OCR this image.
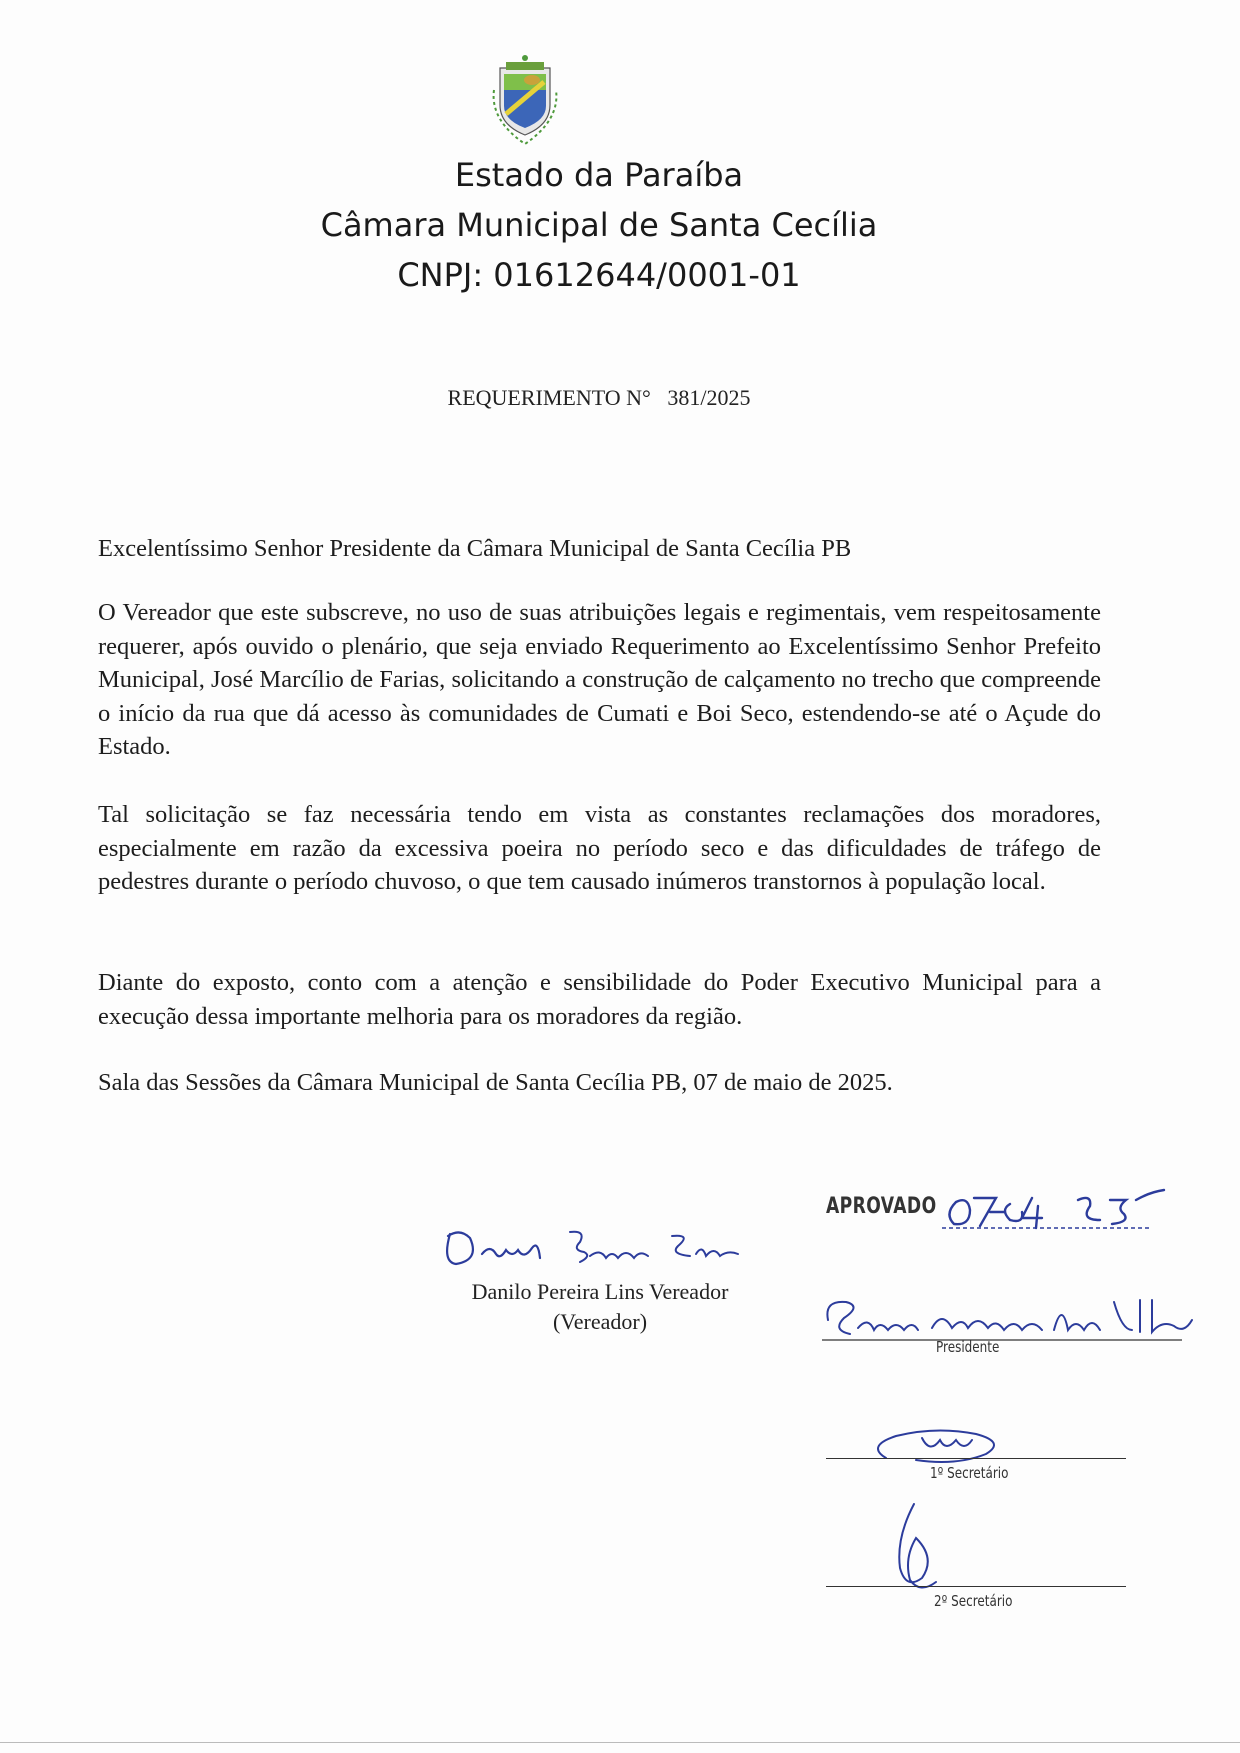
Estado da Paraíba
Câmara Municipal de Santa Cecília
CNPJ: 01612644/0001-01
REQUERIMENTO N°   381/2025

Excelentíssimo Senhor Presidente da Câmara Municipal de Santa Cecília PB

O Vereador que este subscreve, no uso de suas atribuições legais e regimentais, vem respeitosamente requerer, após ouvido o plenário, que seja enviado Requerimento ao Excelentíssimo Senhor Prefeito Municipal, José Marcílio de Farias, solicitando a construção de calçamento no trecho que compreende o início da rua que dá acesso às comunidades de Cumati e Boi Seco, estendendo-se até o Açude do Estado.

Tal solicitação se faz necessária tendo em vista as constantes reclamações dos moradores, especialmente em razão da excessiva poeira no período seco e das dificuldades de tráfego de pedestres durante o período chuvoso, o que tem causado inúmeros transtornos à população local.

Diante do exposto, conto com a atenção e sensibilidade do Poder Executivo Municipal para a execução dessa importante melhoria para os moradores da região.

Sala das Sessões da Câmara Municipal de Santa Cecília PB, 07 de maio de 2025.

Danilo Pereira Lins Vereador
(Vereador)
APROVADO
Presidente
1º Secretário
2º Secretário
